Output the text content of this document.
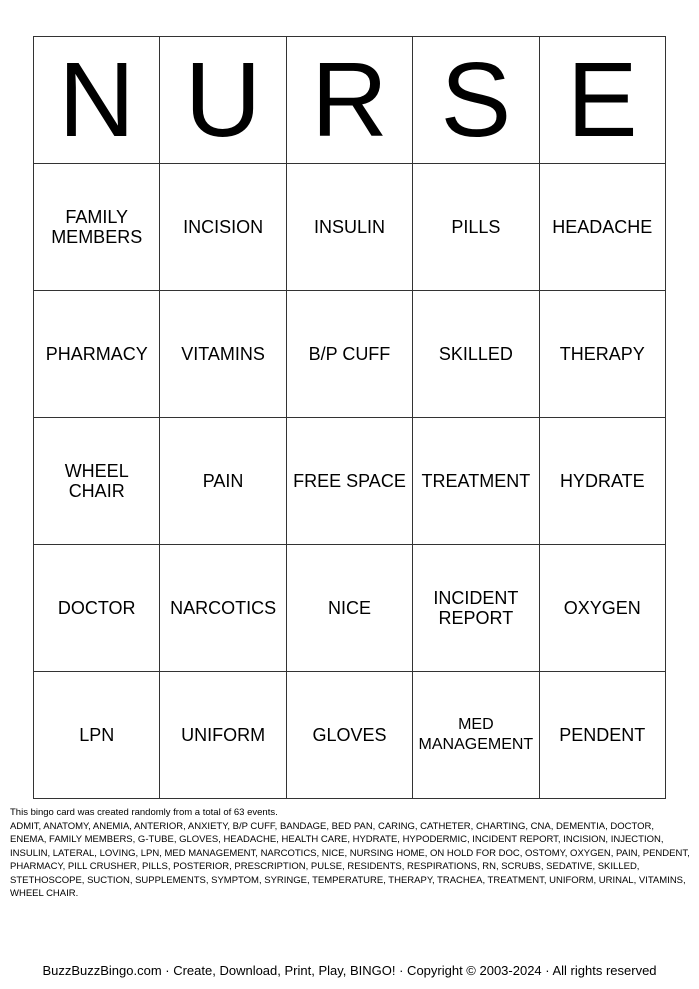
N	U	R	S	E
FAMILY MEMBERS	INCISION	INSULIN	PILLS	HEADACHE
PHARMACY	VITAMINS	B/P CUFF	SKILLED	THERAPY
WHEEL CHAIR	PAIN	FREE SPACE	TREATMENT	HYDRATE
DOCTOR	NARCOTICS	NICE	INCIDENT REPORT	OXYGEN
LPN	UNIFORM	GLOVES	MED MANAGEMENT	PENDENT

This bingo card was created randomly from a total of 63 events.

ADMIT, ANATOMY, ANEMIA, ANTERIOR, ANXIETY, B/P CUFF, BANDAGE, BED PAN, CARING, CATHETER, CHARTING, CNA, DEMENTIA, DOCTOR, ENEMA, FAMILY MEMBERS, G-TUBE, GLOVES, HEADACHE, HEALTH CARE, HYDRATE, HYPODERMIC, INCIDENT REPORT, INCISION, INJECTION, INSULIN, LATERAL, LOVING, LPN, MED MANAGEMENT, NARCOTICS, NICE, NURSING HOME, ON HOLD FOR DOC, OSTOMY, OXYGEN, PAIN, PENDENT, PHARMACY, PILL CRUSHER, PILLS, POSTERIOR, PRESCRIPTION, PULSE, RESIDENTS, RESPIRATIONS, RN, SCRUBS, SEDATIVE, SKILLED, STETHOSCOPE, SUCTION, SUPPLEMENTS, SYMPTOM, SYRINGE, TEMPERATURE, THERAPY, TRACHEA, TREATMENT, UNIFORM, URINAL, VITAMINS, WHEEL CHAIR.

BuzzBuzzBingo.com · Create, Download, Print, Play, BINGO! · Copyright © 2003-2024 · All rights reserved
